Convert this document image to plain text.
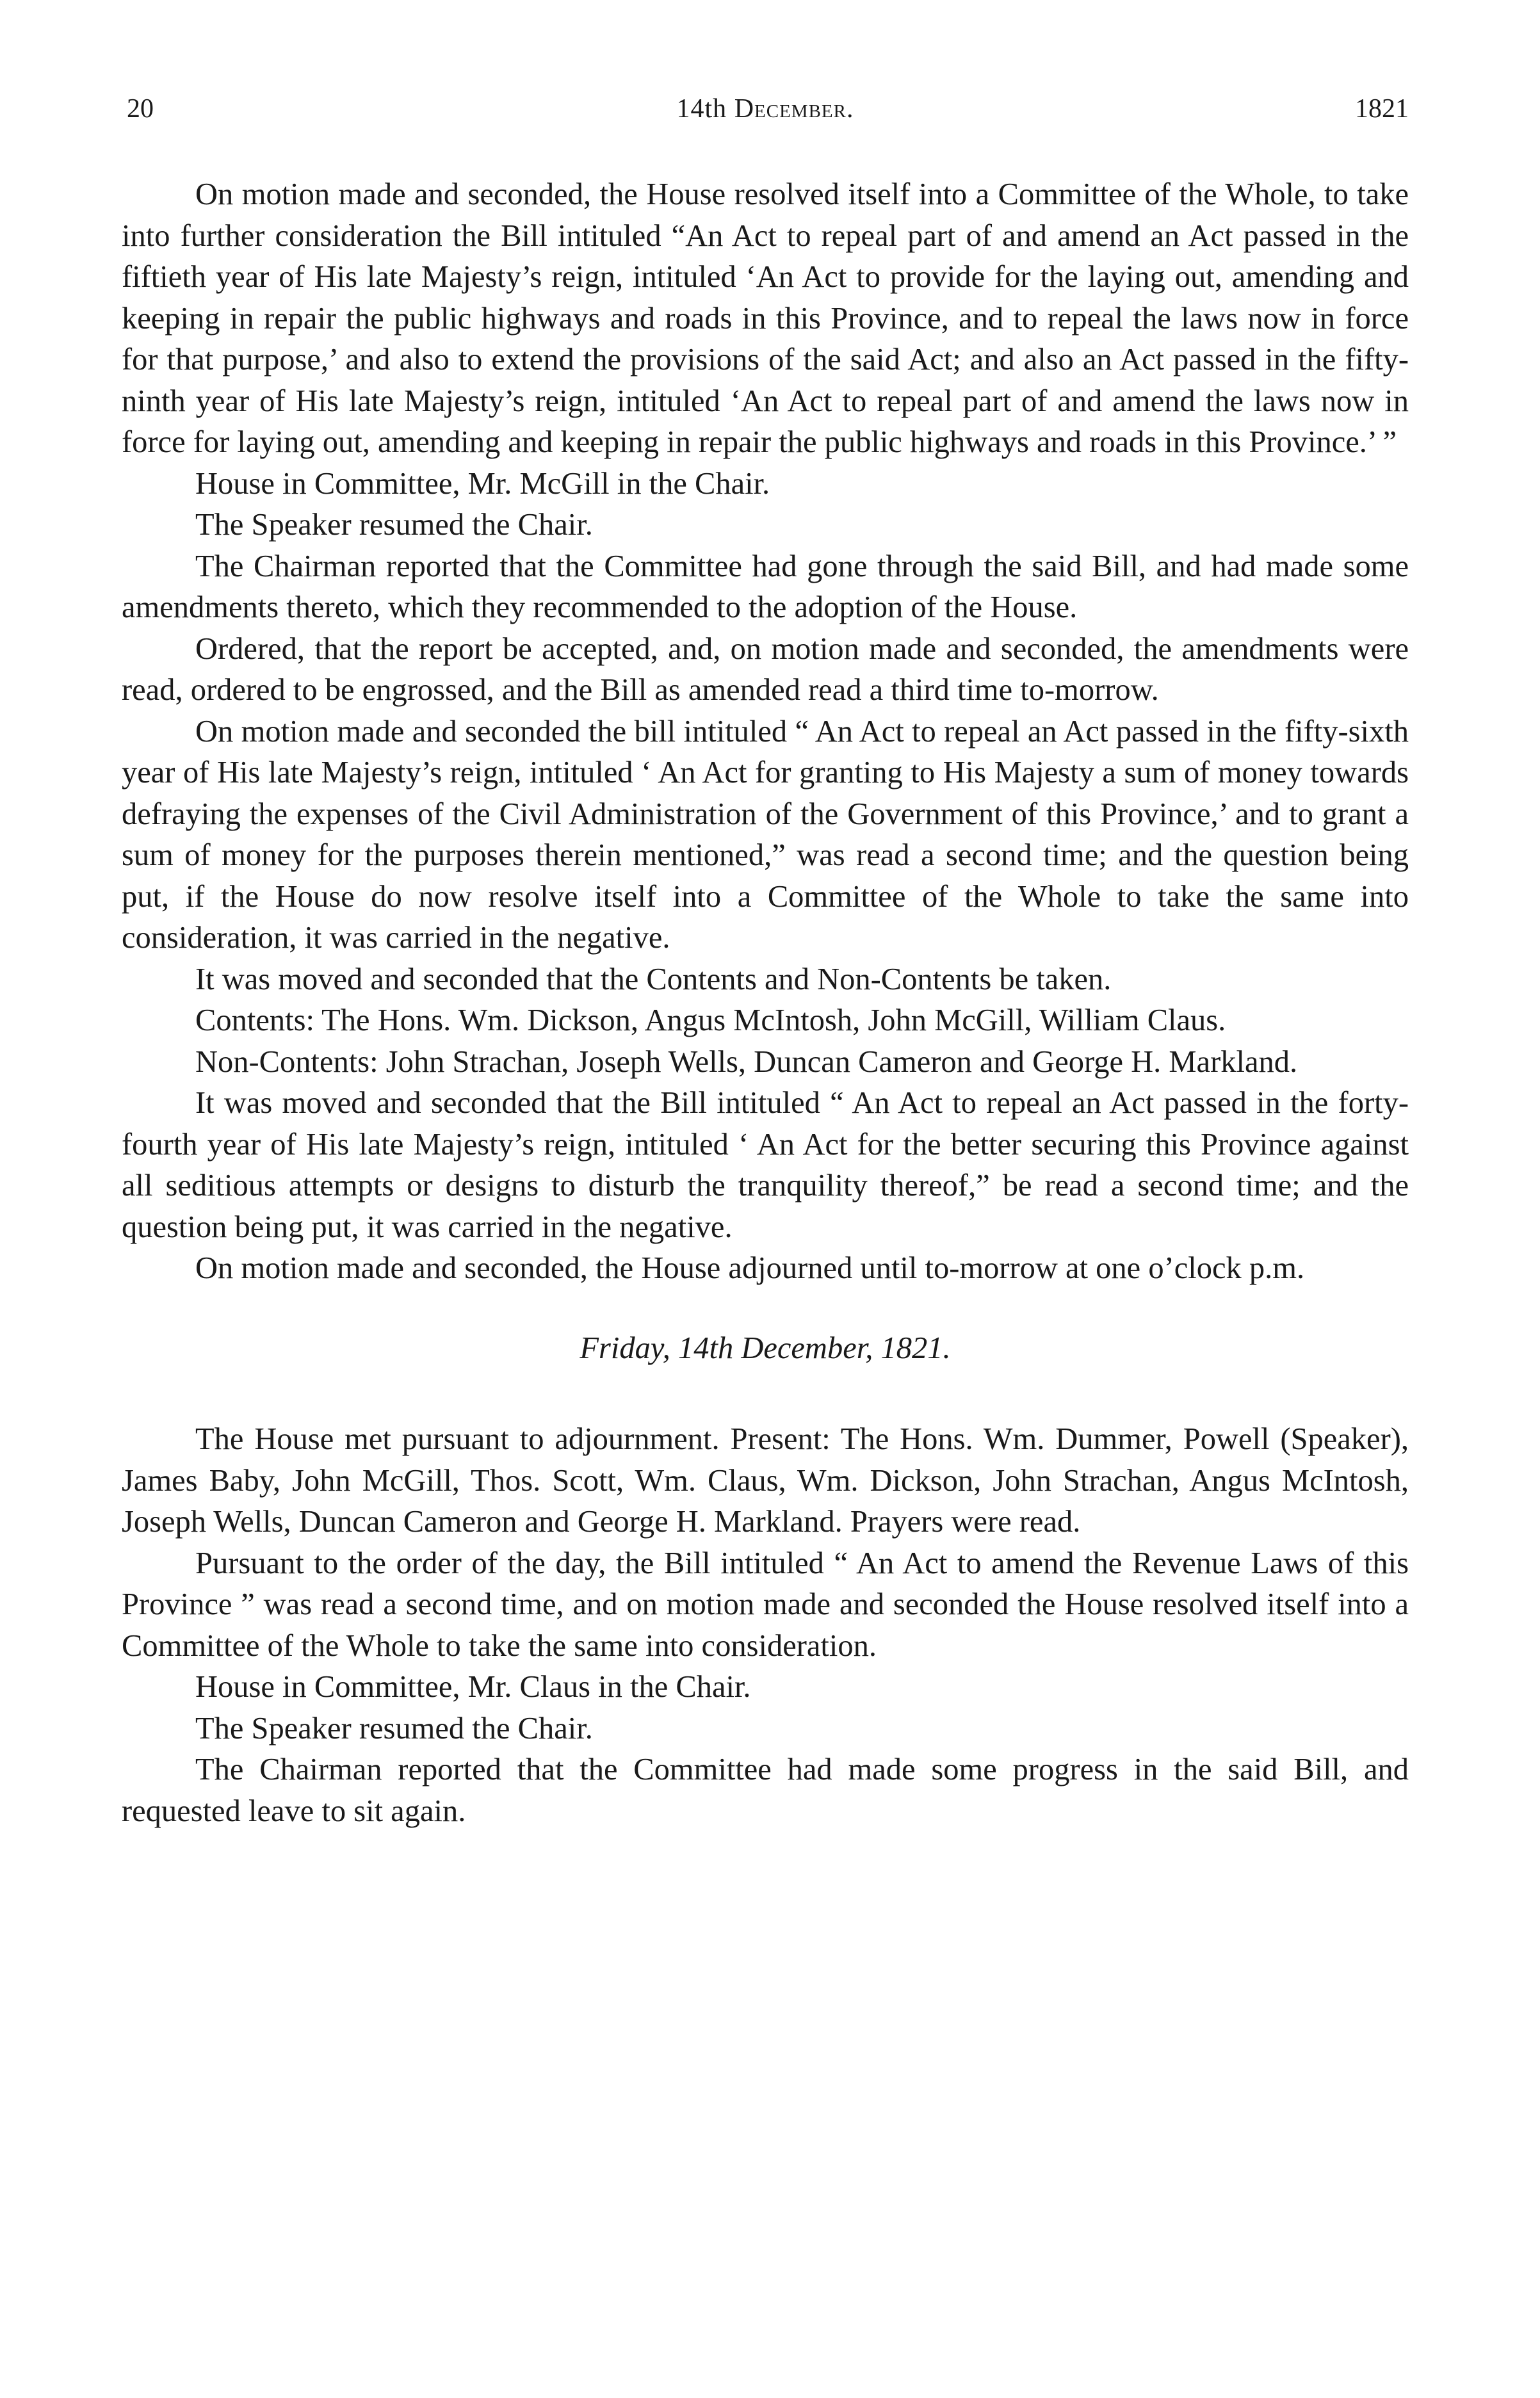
20	14th December.	1821

On motion made and seconded, the House resolved itself into a Committee of the Whole, to take into further consideration the Bill intituled “An Act to repeal part of and amend an Act passed in the fiftieth year of His late Majesty’s reign, intituled ‘An Act to provide for the laying out, amending and keeping in repair the public highways and roads in this Province, and to repeal the laws now in force for that purpose,’ and also to extend the provisions of the said Act; and also an Act passed in the fifty-ninth year of His late Majesty’s reign, intituled ‘An Act to repeal part of and amend the laws now in force for laying out, amending and keeping in repair the public highways and roads in this Province.’ ”

House in Committee, Mr. McGill in the Chair.

The Speaker resumed the Chair.

The Chairman reported that the Committee had gone through the said Bill, and had made some amendments thereto, which they recommended to the adoption of the House.

Ordered, that the report be accepted, and, on motion made and seconded, the amendments were read, ordered to be engrossed, and the Bill as amended read a third time to-morrow.

On motion made and seconded the bill intituled “ An Act to repeal an Act passed in the fifty-sixth year of His late Majesty’s reign, intituled ‘ An Act for granting to His Majesty a sum of money towards defraying the expenses of the Civil Administration of the Government of this Province,’ and to grant a sum of money for the purposes therein mentioned,” was read a second time; and the question being put, if the House do now resolve itself into a Committee of the Whole to take the same into consideration, it was carried in the negative.

It was moved and seconded that the Contents and Non-Contents be taken.

Contents: The Hons. Wm. Dickson, Angus McIntosh, John McGill, William Claus.

Non-Contents: John Strachan, Joseph Wells, Duncan Cameron and George H. Markland.

It was moved and seconded that the Bill intituled “ An Act to repeal an Act passed in the forty-fourth year of His late Majesty’s reign, intituled ‘ An Act for the better securing this Province against all seditious attempts or designs to disturb the tranquility thereof,” be read a second time; and the question being put, it was carried in the negative.

On motion made and seconded, the House adjourned until to-morrow at one o’clock p.m.

Friday, 14th December, 1821.

The House met pursuant to adjournment. Present: The Hons. Wm. Dummer, Powell (Speaker), James Baby, John McGill, Thos. Scott, Wm. Claus, Wm. Dickson, John Strachan, Angus McIntosh, Joseph Wells, Duncan Cameron and George H. Markland. Prayers were read.

Pursuant to the order of the day, the Bill intituled “ An Act to amend the Revenue Laws of this Province ” was read a second time, and on motion made and seconded the House resolved itself into a Committee of the Whole to take the same into consideration.

House in Committee, Mr. Claus in the Chair.

The Speaker resumed the Chair.

The Chairman reported that the Committee had made some progress in the said Bill, and requested leave to sit again.
